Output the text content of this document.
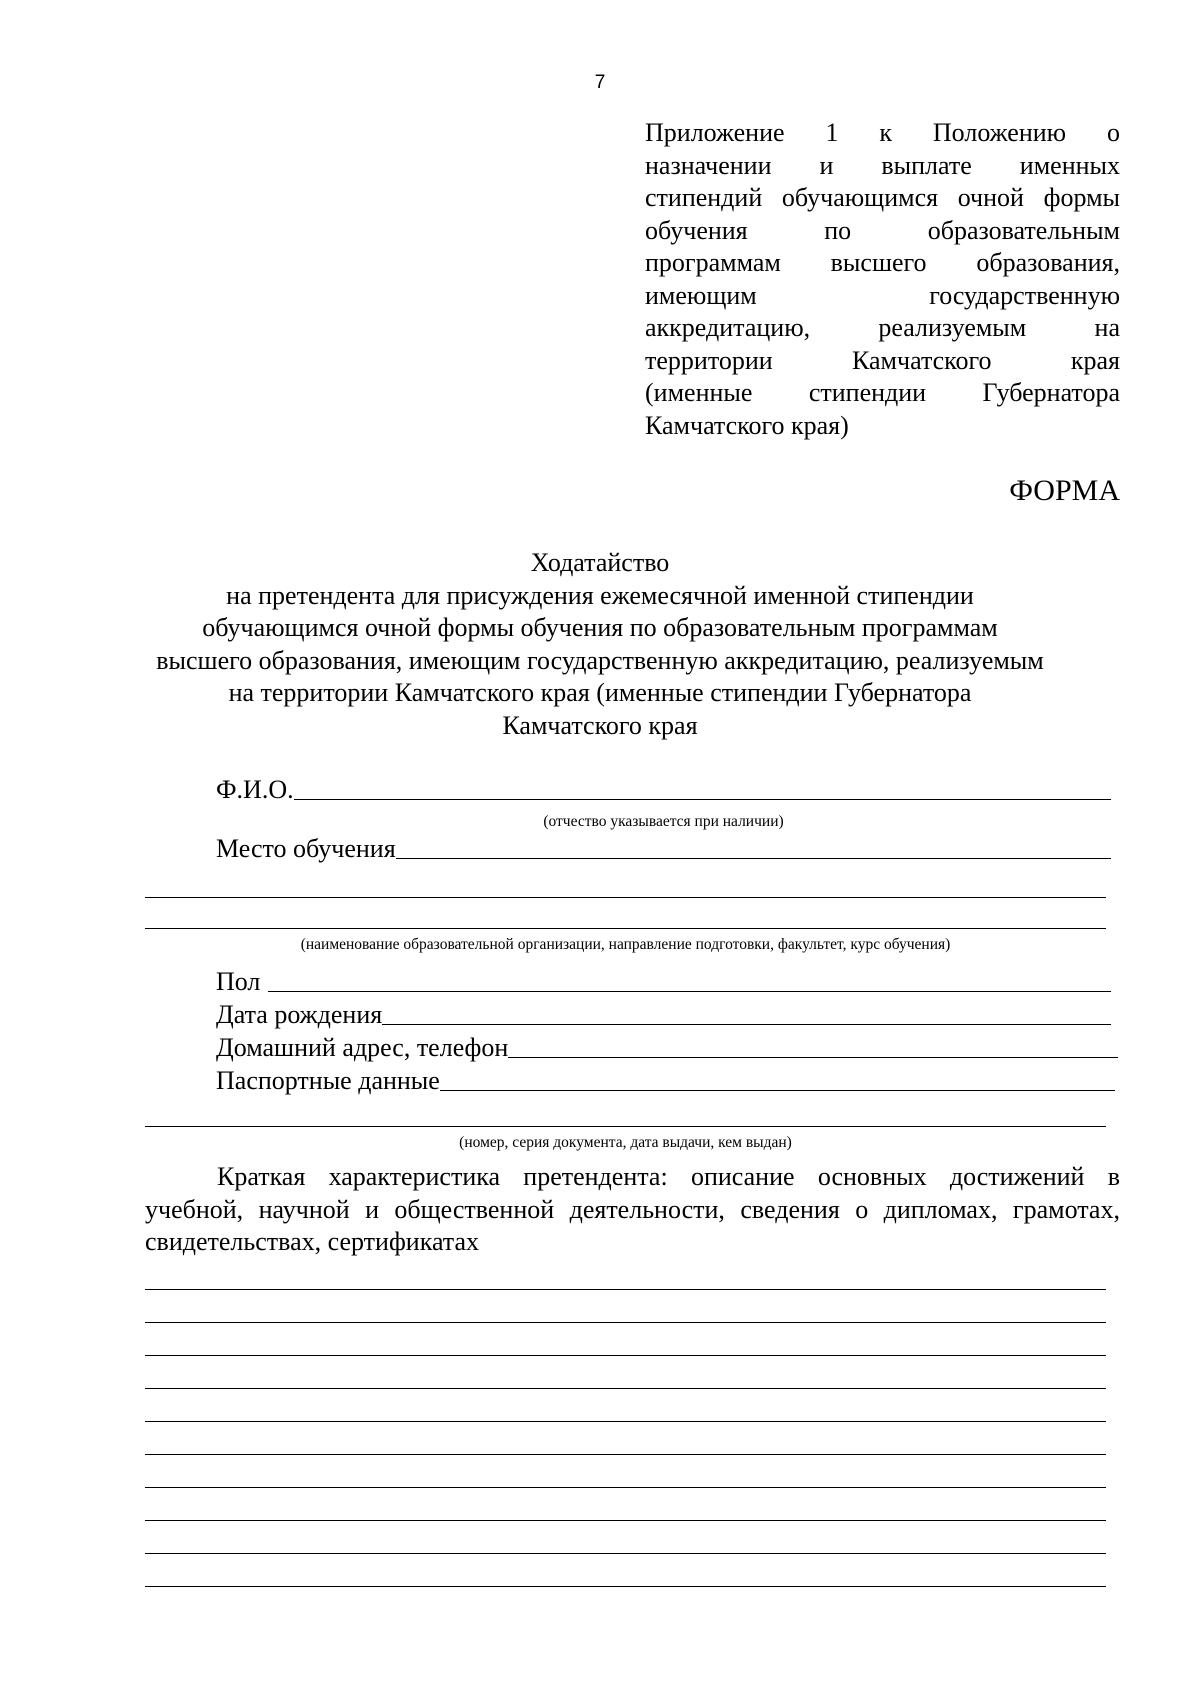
7
Приложение 1 к Положению о
назначении и выплате именных
стипендий обучающимся очной формы
обучения	по	образовательным
программам высшего образования,
имеющим	государственную
аккредитацию,	реализуемым	на
территории	Камчатского	края
(именные стипендии Губернатора
Камчатского края)
ФОРМА
Ходатайство
на претендента для присуждения ежемесячной именной стипендии
обучающимся очной формы обучения по образовательным программам
высшего образования, имеющим государственную аккредитацию, реализуемым
на территории Камчатского края (именные стипендии Губернатора
Камчатского края
Ф.И.О.
(отчество указывается при наличии)
Место обучения
(наименование образовательной организации, направление подготовки, факультет, курс обучения)
Пол
Дата рождения
Домашний адрес, телефон
Паспортные данные
(номер, серия документа, дата выдачи, кем выдан)
Краткая характеристика претендента: описание основных достижений в
учебной, научной и общественной деятельности, сведения о дипломах, грамотах,
свидетельствах, сертификатах
